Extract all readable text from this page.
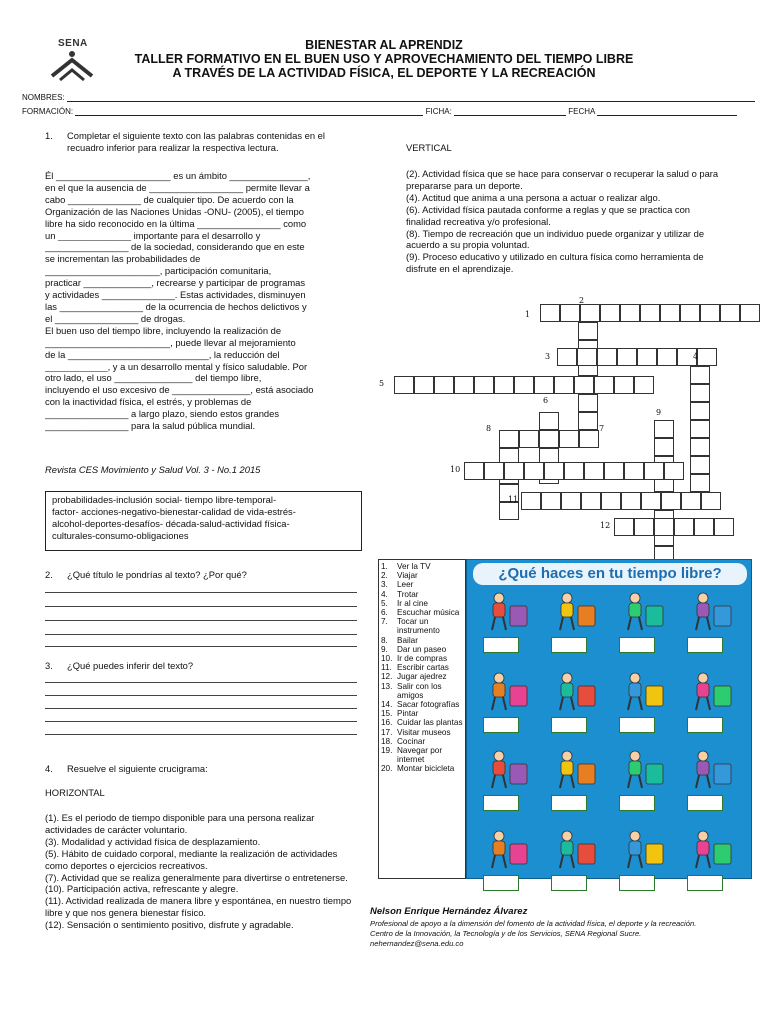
SENA	BIENESTAR AL APRENDIZ
TALLER FORMATIVO EN EL BUEN USO Y APROVECHAMIENTO DEL TIEMPO LIBRE
A TRAVÉS DE LA ACTIVIDAD FÍSICA, EL DEPORTE Y LA RECREACIÓN
NOMBRES:
FORMACIÓN:	FICHA:	FECHA
1. Completar el siguiente texto con las palabras contenidas en el recuadro inferior para realizar la respectiva lectura.
Él ______________________ es un ámbito _______________,
en el que la ausencia de __________________ permite llevar a
cabo ______________ de cualquier tipo. De acuerdo con la
Organización de las Naciones Unidas -ONU- (2005), el tiempo
libre ha sido reconocido en la última ________________ como
un ______________ importante para el desarrollo y
________________ de la sociedad, considerando que en este
se incrementan las probabilidades de
______________________, participación comunitaria,
practicar _____________, recrearse y participar de programas
y actividades ______________. Estas actividades, disminuyen
las ________________ de la ocurrencia de hechos delictivos y
el ________________ de drogas.
El buen uso del tiempo libre, incluyendo la realización de
________________________, puede llevar al mejoramiento
de la ___________________________, la reducción del
____________, y a un desarrollo mental y físico saludable. Por
otro lado, el uso _______________ del tiempo libre,
incluyendo el uso excesivo de _______________, está asociado
con la inactividad física, el estrés, y problemas de
________________ a largo plazo, siendo estos grandes
________________ para la salud pública mundial.
Revista CES Movimiento y Salud Vol. 3 - No.1 2015
probabilidades-inclusión social- tiempo libre-temporal-
factor- acciones-negativo-bienestar-calidad de vida-estrés-
alcohol-deportes-desafíos- década-salud-actividad física-
culturales-consumo-obligaciones
2. ¿Qué título le pondrías al texto? ¿Por qué?
3. ¿Qué puedes inferir del texto?
4. Resuelve el siguiente crucigrama:
HORIZONTAL
(1). Es el periodo de tiempo disponible para una persona realizar actividades de carácter voluntario.
(3). Modalidad y actividad física de desplazamiento.
(5). Hábito de cuidado corporal, mediante la realización de actividades como deportes o ejercicios recreativos.
(7). Actividad que se realiza generalmente para divertirse o entretenerse.
(10). Participación activa, refrescante y alegre.
(11). Actividad realizada de manera libre y espontánea, en nuestro tiempo libre y que nos genera bienestar físico.
(12). Sensación o sentimiento positivo, disfrute y agradable.
VERTICAL
(2). Actividad física que se hace para conservar o recuperar la salud o para prepararse para un deporte.
(4). Actitud que anima a una persona a actuar o realizar algo.
(6). Actividad física pautada conforme a reglas y que se practica con finalidad recreativa y/o profesional.
(8). Tiempo de recreación que un individuo puede organizar y utilizar de acuerdo a su propia voluntad.
(9). Proceso educativo y utilizado en cultura física como herramienta de disfrute en el aprendizaje.
1
2
3	4
5
6
7
8
9
10
11
12
1.	Ver la TV
2.	Viajar
3.	Leer
4.	Trotar
5.	Ir al cine
6.	Escuchar música
7.	Tocar un instrumento
8.	Bailar
9.	Dar un paseo
10. Ir de compras
11. Escribir cartas
12. Jugar ajedrez
13. Salir con los amigos
14. Sacar fotografías
15. Pintar
16. Cuidar las plantas
17. Visitar museos
18. Cocinar
19. Navegar por internet
20. Montar bicicleta
¿Qué haces en tu tiempo libre?
Nelson Enrique Hernández Álvarez
Profesional de apoyo a la dimensión del fomento de la actividad física, el deporte y la recreación.
Centro de la Innovación, la Tecnología y de los Servicios, SENA Regional Sucre.
nehernandez@sena.edu.co
